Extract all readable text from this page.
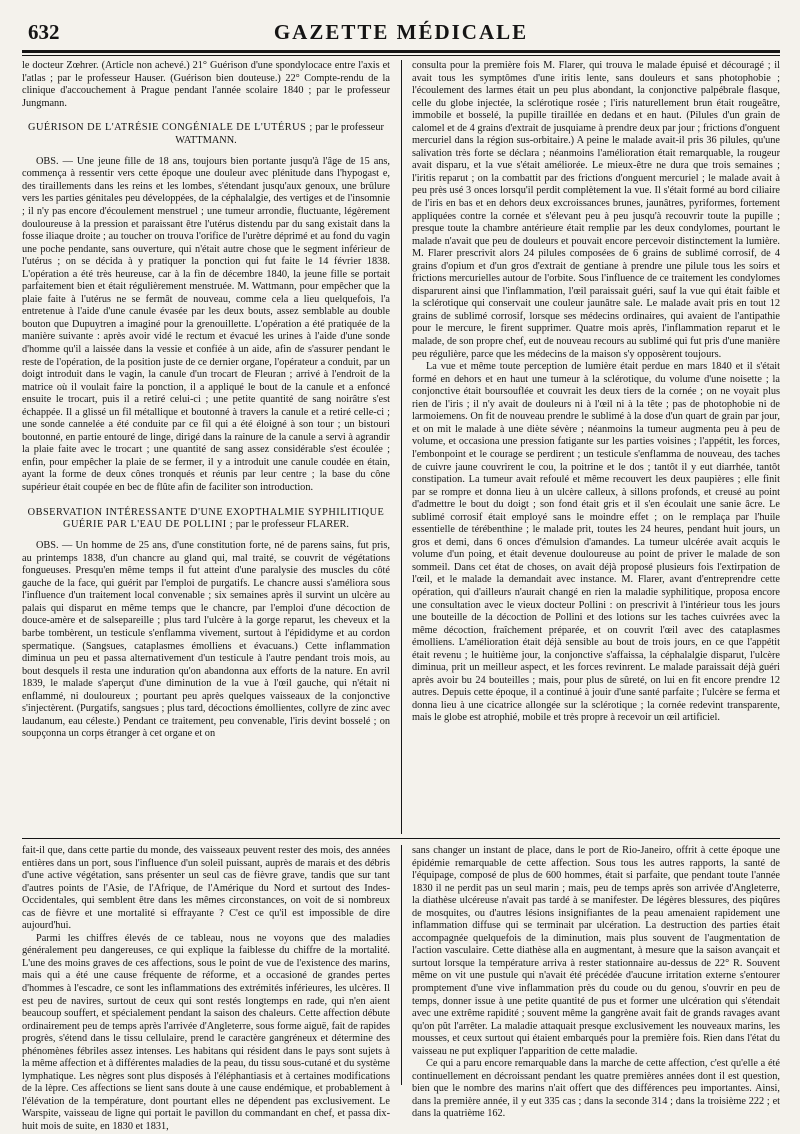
632	GAZETTE MÉDICALE

le docteur Zœhrer. (Article non achevé.) 21° Guérison d'une spondylocace entre l'axis et l'atlas ; par le professeur Hauser. (Guérison bien douteuse.) 22° Compte-rendu de la clinique d'accouchement à Prague pendant l'année scolaire 1840 ; par le professeur Jungmann.

GUÉRISON DE L'ATRÉSIE CONGÉNIALE DE L'UTÉRUS ; par le professeur WATTMANN.

OBS. — Une jeune fille de 18 ans, toujours bien portante jusqu'à l'âge de 15 ans, commença à ressentir vers cette époque une douleur avec plénitude dans l'hypogast e, des tiraillements dans les reins et les lombes, s'étendant jusqu'aux genoux, une brûlure vers les parties génitales peu développées, de la céphalalgie, des vertiges et de l'insomnie ; il n'y pas encore d'écoulement menstruel ; une tumeur arrondie, fluctuante, légèrement douloureuse à la pression et paraissant être l'utérus distendu par du sang existait dans la fosse iliaque droite ; au toucher on trouva l'orifice de l'urètre déprimé et au fond du vagin une poche pendante, sans ouverture, qui n'était autre chose que le segment inférieur de l'utérus ; on se décida à y pratiquer la ponction qui fut faite le 14 février 1838. L'opération a été très heureuse, car à la fin de décembre 1840, la jeune fille se portait parfaitement bien et était régulièrement menstruée. M. Wattmann, pour empêcher que la plaie faite à l'utérus ne se fermât de nouveau, comme cela a lieu quelquefois, l'a entretenue à l'aide d'une canule évasée par les deux bouts, assez semblable au double bouton que Dupuytren a imaginé pour la grenouillette. L'opération a été pratiquée de la manière suivante : après avoir vidé le rectum et évacué les urines à l'aide d'une sonde d'homme qu'il a laissée dans la vessie et confiée à un aide, afin de s'assurer pendant le reste de l'opération, de la position juste de ce dernier organe, l'opérateur a conduit, par un doigt introduit dans le vagin, la canule d'un trocart de Fleuran ; arrivé à l'endroit de la matrice où il voulait faire la ponction, il a appliqué le bout de la canule et a enfoncé ensuite le trocart, puis il a retiré celui-ci ; une petite quantité de sang noirâtre s'est échappée. Il a glissé un fil métallique et boutonné à travers la canule et a retiré celle-ci ; une sonde cannelée a été conduite par ce fil qui a été éloigné à son tour ; un bistouri boutonné, en partie entouré de linge, dirigé dans la rainure de la canule a servi à agrandir la plaie faite avec le trocart ; une quantité de sang assez considérable s'est écoulée ; enfin, pour empêcher la plaie de se fermer, il y a introduit une canule coudée en étain, ayant la forme de deux cônes tronqués et réunis par leur centre ; la base du cône supérieur était coupée en bec de flûte afin de faciliter son introduction.

OBSERVATION INTÉRESSANTE D'UNE EXOPTHALMIE SYPHILITIQUE GUÉRIE PAR L'EAU DE POLLINI ; par le professeur FLARER.

OBS. — Un homme de 25 ans, d'une constitution forte, né de parens sains, fut pris, au printemps 1838, d'un chancre au gland qui, mal traité, se couvrit de végétations fongueuses. Presqu'en même temps il fut atteint d'une paralysie des muscles du côté gauche de la face, qui guérit par l'emploi de purgatifs. Le chancre aussi s'améliora sous l'influence d'un traitement local convenable ; six semaines après il survint un ulcère au palais qui disparut en même temps que le chancre, par l'emploi d'une décoction de douce-amère et de salsepareille ; plus tard l'ulcère à la gorge reparut, les cheveux et la barbe tombèrent, un testicule s'enflamma vivement, surtout à l'épididyme et au cordon spermatique. (Sangsues, cataplasmes émolliens et évacuans.) Cette inflammation diminua un peu et passa alternativement d'un testicule à l'autre pendant trois mois, au bout desquels il resta une induration qu'on abandonna aux efforts de la nature. En avril 1839, le malade s'aperçut d'une diminution de la vue à l'œil gauche, qui n'était ni enflammé, ni douloureux ; pourtant peu après quelques vaisseaux de la conjonctive s'injectèrent. (Purgatifs, sangsues ; plus tard, décoctions émollientes, collyre de zinc avec laudanum, eau céleste.) Pendant ce traitement, peu convenable, l'iris devint bosselé ; on soupçonna un corps étranger à cet organe et on

consulta pour la première fois M. Flarer, qui trouva le malade épuisé et découragé ; il avait tous les symptômes d'une iritis lente, sans douleurs et sans photophobie ; l'écoulement des larmes était un peu plus abondant, la conjonctive palpébrale flasque, celle du globe injectée, la sclérotique rosée ; l'iris naturellement brun était rougeâtre, immobile et bosselé, la pupille tiraillée en dedans et en haut. (Pilules d'un grain de calomel et de 4 grains d'extrait de jusquiame à prendre deux par jour ; frictions d'onguent mercuriel dans la région sus-orbitaire.) A peine le malade avait-il pris 36 pilules, qu'une salivation très forte se déclara ; néanmoins l'amélioration était remarquable, la rougeur avait disparu, et la vue s'était améliorée. Le mieux-être ne dura que trois semaines ; l'iritis reparut ; on la combattit par des frictions d'onguent mercuriel ; le malade avait à peu près usé 3 onces lorsqu'il perdit complètement la vue. Il s'était formé au bord ciliaire de l'iris en bas et en dehors deux excroissances brunes, jaunâtres, pyriformes, fortement appliquées contre la cornée et s'élevant peu à peu jusqu'à recouvrir toute la pupille ; presque toute la chambre antérieure était remplie par les deux condylomes, pourtant le malade n'avait que peu de douleurs et pouvait encore percevoir distinctement la lumière. M. Flarer prescrivit alors 24 pilules composées de 6 grains de sublimé corrosif, de 4 grains d'opium et d'un gros d'extrait de gentiane à prendre une pilule tous les soirs et frictions mercurielles autour de l'orbite. Sous l'influence de ce traitement les condylomes disparurent ainsi que l'inflammation, l'œil paraissait guéri, sauf la vue qui était faible et la sclérotique qui conservait une couleur jaunâtre sale. Le malade avait pris en tout 12 grains de sublimé corrosif, lorsque ses médecins ordinaires, qui avaient de l'antipathie pour le mercure, le firent supprimer. Quatre mois après, l'inflammation reparut et le malade, de son propre chef, eut de nouveau recours au sublimé qui fut pris d'une manière peu régulière, parce que les médecins de la maison s'y opposèrent toujours.

La vue et même toute perception de lumière était perdue en mars 1840 et il s'était formé en dehors et en haut une tumeur à la sclérotique, du volume d'une noisette ; la conjonctive était boursouflée et couvrait les deux tiers de la cornée ; on ne voyait plus rien de l'iris ; il n'y avait de douleurs ni à l'œil ni à la tête ; pas de photophobie ni de larmoiemens. On fit de nouveau prendre le sublimé à la dose d'un quart de grain par jour, et on mit le malade à une diète sévère ; néanmoins la tumeur augmenta peu à peu de volume, et occasiona une pression fatigante sur les parties voisines ; l'appétit, les forces, l'embonpoint et le courage se perdirent ; un testicule s'enflamma de nouveau, des taches de cuivre jaune couvrirent le cou, la poitrine et le dos ; tantôt il y eut diarrhée, tantôt constipation. La tumeur avait refoulé et même recouvert les deux paupières ; elle finit par se rompre et donna lieu à un ulcère calleux, à sillons profonds, et creusé au point d'admettre le bout du doigt ; son fond était gris et il s'en écoulait une sanie âcre. Le sublimé corrosif était employé sans le moindre effet ; on le remplaça par l'huile essentielle de térébenthine ; le malade prit, toutes les 24 heures, pendant huit jours, un gros et demi, dans 6 onces d'émulsion d'amandes. La tumeur ulcérée avait acquis le volume d'un poing, et était devenue douloureuse au point de priver le malade de son sommeil. Dans cet état de choses, on avait déjà proposé plusieurs fois l'extirpation de l'œil, et le malade la demandait avec instance. M. Flarer, avant d'entreprendre cette opération, qui d'ailleurs n'aurait changé en rien la maladie syphilitique, proposa encore une consultation avec le vieux docteur Pollini : on prescrivit à l'intérieur tous les jours une bouteille de la décoction de Pollini et des lotions sur les taches cuivrées avec la même décoction, fraîchement préparée, et on couvrit l'œil avec des cataplasmes émolliens. L'amélioration était déjà sensible au bout de trois jours, en ce que l'appétit était revenu ; le huitième jour, la conjonctive s'affaissa, la céphalalgie disparut, l'ulcère diminua, prit un meilleur aspect, et les forces revinrent. Le malade paraissait déjà guéri après avoir bu 24 bouteilles ; mais, pour plus de sûreté, on lui en fit encore prendre 12 autres. Depuis cette époque, il a continué à jouir d'une santé parfaite ; l'ulcère se ferma et donna lieu à une cicatrice allongée sur la sclérotique ; la cornée redevint transparente, mais le globe est atrophié, mobile et très propre à recevoir un œil artificiel.

fait-il que, dans cette partie du monde, des vaisseaux peuvent rester des mois, des années entières dans un port, sous l'influence d'un soleil puissant, auprès de marais et des débris d'une active végétation, sans présenter un seul cas de fièvre grave, tandis que sur tant d'autres points de l'Asie, de l'Afrique, de l'Amérique du Nord et surtout des Indes-Occidentales, qui semblent être dans les mêmes circonstances, on voit de si nombreux cas de fièvre et une mortalité si effrayante ? C'est ce qu'il est impossible de dire aujourd'hui.

Parmi les chiffres élevés de ce tableau, nous ne voyons que des maladies généralement peu dangereuses, ce qui explique la faiblesse du chiffre de la mortalité. L'une des moins graves de ces affections, sous le point de vue de l'existence des marins, mais qui a été une cause fréquente de réforme, et a occasioné de grandes pertes d'hommes à l'escadre, ce sont les inflammations des extrémités inférieures, les ulcères. Il est peu de navires, surtout de ceux qui sont restés longtemps en rade, qui n'en aient beaucoup souffert, et spécialement pendant la saison des chaleurs. Cette affection débute ordinairement peu de temps après l'arrivée d'Angleterre, sous forme aiguë, fait de rapides progrès, s'étend dans le tissu cellulaire, prend le caractère gangréneux et détermine des phénomènes fébriles assez intenses. Les habitans qui résident dans le pays sont sujets à la même affection et à différentes maladies de la peau, du tissu sous-cutané et du système lymphatique. Les nègres sont plus disposés à l'éléphantiasis et à certaines modifications de la lèpre. Ces affections se lient sans doute à une cause endémique, et probablement à l'élévation de la température, dont pourtant elles ne dépendent pas exclusivement. Le Warspite, vaisseau de ligne qui portait le pavillon du commandant en chef, et passa dix-huit mois de suite, en 1830 et 1831,

sans changer un instant de place, dans le port de Rio-Janeiro, offrit à cette époque une épidémie remarquable de cette affection. Sous tous les autres rapports, la santé de l'équipage, composé de plus de 600 hommes, était si parfaite, que pendant toute l'année 1830 il ne perdit pas un seul marin ; mais, peu de temps après son arrivée d'Angleterre, la diathèse ulcéreuse n'avait pas tardé à se manifester. De légères blessures, des piqûres de mosquites, ou d'autres lésions insignifiantes de la peau amenaient rapidement une inflammation diffuse qui se terminait par ulcération. La destruction des parties était accompagnée quelquefois de la diminution, mais plus souvent de l'augmentation de l'action vasculaire. Cette diathèse alla en augmentant, à mesure que la saison avançait et surtout lorsque la température arriva à rester stationnaire au-dessus de 22° R. Souvent même on vit une pustule qui n'avait été précédée d'aucune irritation externe s'entourer promptement d'une vive inflammation près du coude ou du genou, s'ouvrir en peu de temps, donner issue à une petite quantité de pus et former une ulcération qui s'étendait avec une extrême rapidité ; souvent même la gangrène avait fait de grands ravages avant qu'on pût l'arrêter. La maladie attaquait presque exclusivement les nouveaux marins, les mousses, et ceux surtout qui étaient embarqués pour la première fois. Rien dans l'état du vaisseau ne put expliquer l'apparition de cette maladie.

Ce qui a paru encore remarquable dans la marche de cette affection, c'est qu'elle a été continuellement en décroissant pendant les quatre premières années dont il est question, bien que le nombre des marins n'ait offert que des différences peu importantes. Ainsi, dans la première année, il y eut 335 cas ; dans la seconde 314 ; dans la troisième 222 ; et dans la quatrième 162.
